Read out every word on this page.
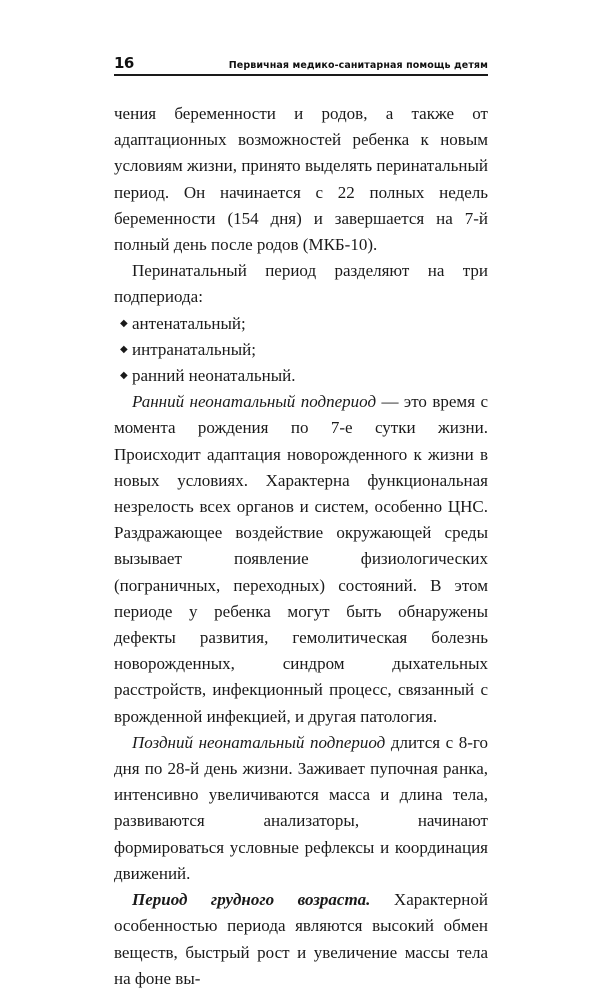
16	Первичная медико-санитарная помощь детям

чения беременности и родов, а также от адаптационных возможностей ребенка к новым условиям жизни, принято выделять перинатальный период. Он начинается с 22 полных недель беременности (154 дня) и завершается на 7-й полный день после родов (МКБ-10).

Перинатальный период разделяют на три подпериода:

◆ антенатальный;
◆ интранатальный;
◆ ранний неонатальный.

Ранний неонатальный подпериод — это время с момента рождения по 7-е сутки жизни. Происходит адаптация новорожденного к жизни в новых условиях. Характерна функциональная незрелость всех органов и систем, особенно ЦНС. Раздражающее воздействие окружающей среды вызывает появление физиологических (пограничных, переходных) состояний. В этом периоде у ребенка могут быть обнаружены дефекты развития, гемолитическая болезнь новорожденных, синдром дыхательных расстройств, инфекционный процесс, связанный с врожденной инфекцией, и другая патология.

Поздний неонатальный подпериод длится с 8-го дня по 28-й день жизни. Заживает пупочная ранка, интенсивно увеличиваются масса и длина тела, развиваются анализаторы, начинают формироваться условные рефлексы и координация движений.

Период грудного возраста. Характерной особенностью периода являются высокий обмен веществ, быстрый рост и увеличение массы тела на фоне вы-
